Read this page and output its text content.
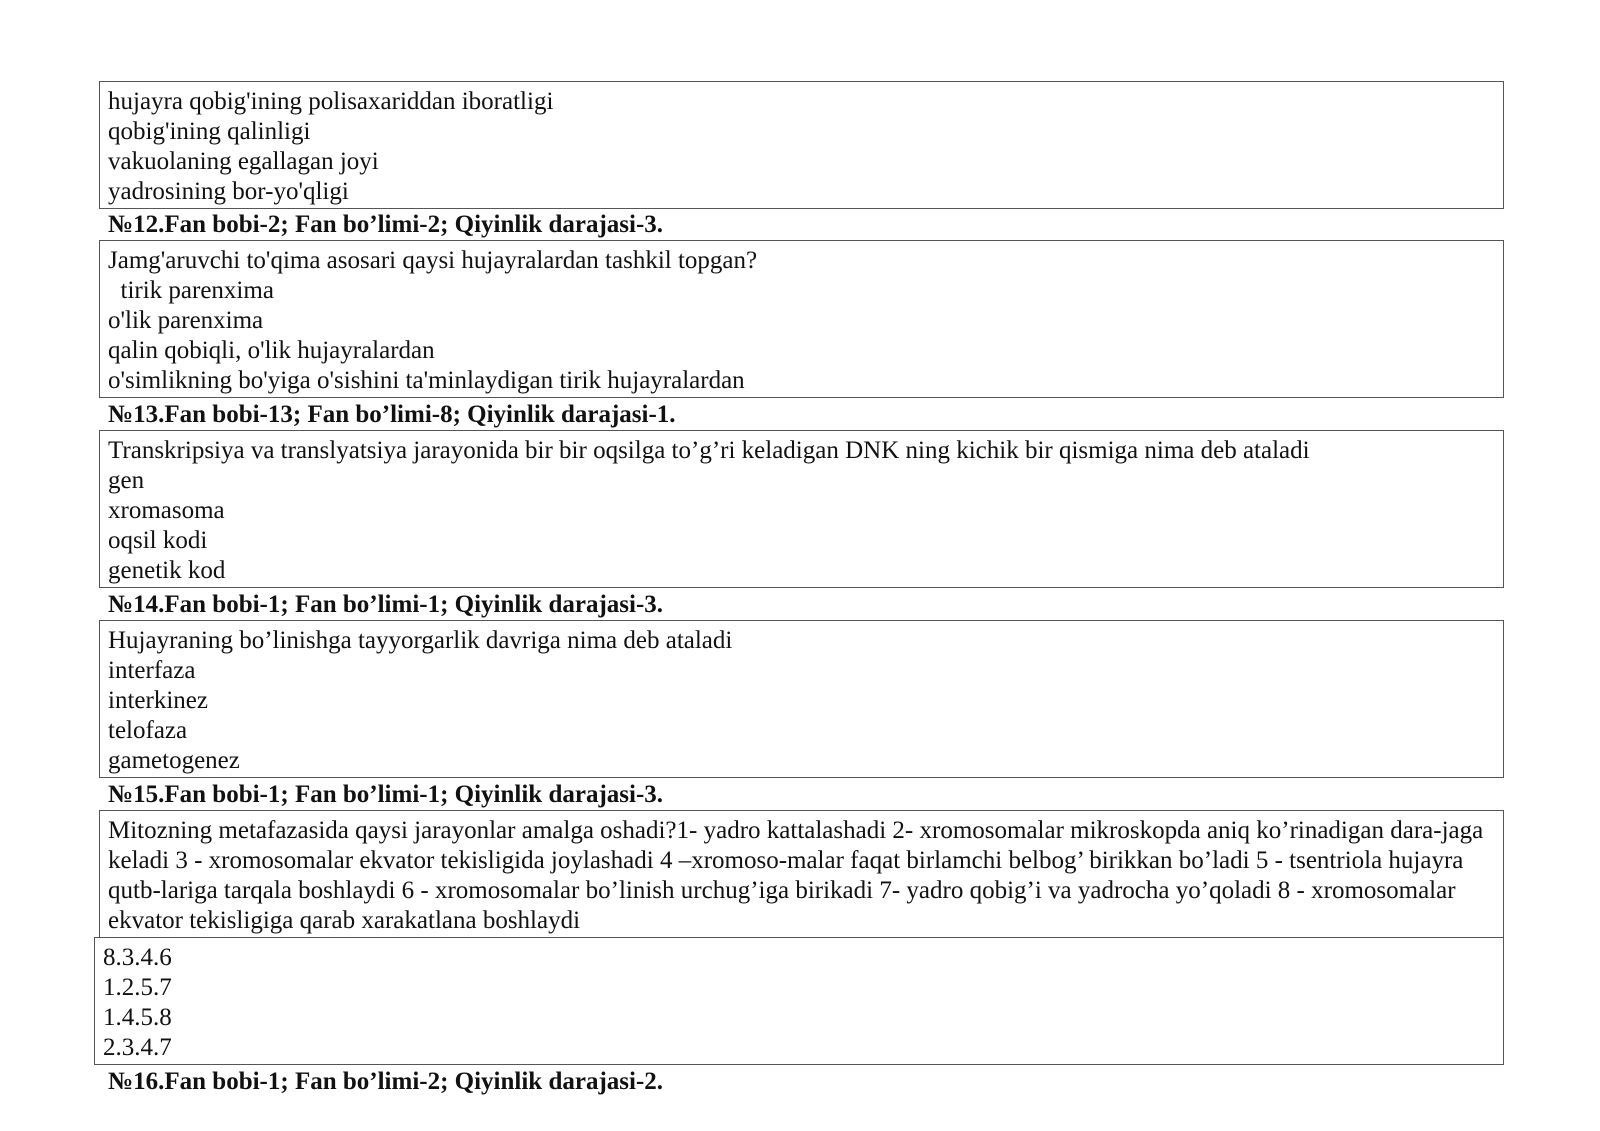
hujayra qobig'ining polisaxariddan iboratligi
qobig'ining qalinligi
vakuolaning egallagan joyi
yadrosining bor-yo'qligi
№12.Fan bobi-2; Fan bo’limi-2; Qiyinlik darajasi-3.
Jamg'aruvchi to'qima asosari qaysi hujayralardan tashkil topgan?
tirik parenxima
o'lik parenxima
qalin qobiqli, o'lik hujayralardan
o'simlikning bo'yiga o'sishini ta'minlaydigan tirik hujayralardan
№13.Fan bobi-13; Fan bo’limi-8; Qiyinlik darajasi-1.
Transkripsiya va translyatsiya jarayonida bir bir oqsilga to’g’ri keladigan DNK ning kichik bir qismiga nima deb ataladi
gen
xromasoma
oqsil kodi
genetik kod
№14.Fan bobi-1; Fan bo’limi-1; Qiyinlik darajasi-3.
Hujayraning bo’linishga tayyorgarlik davriga nima deb ataladi
interfaza
interkinez
telofaza
gametogenez
№15.Fan bobi-1; Fan bo’limi-1; Qiyinlik darajasi-3.
Mitozning metafazasida qaysi jarayonlar amalga oshadi?1- yadro kattalashadi 2- xromosomalar mikroskopda aniq ko’rinadigan dara-jaga keladi 3 - xromosomalar ekvator tekisligida joylashadi 4 –xromoso-malar faqat birlamchi belbog’ birikkan bo’ladi 5 - tsentriola hujayra qutb-lariga tarqala boshlaydi 6 - xromosomalar bo’linish urchug’iga birikadi 7- yadro qobig’i va yadrocha yo’qoladi 8 - xromosomalar ekvator tekisligiga qarab xarakatlana boshlaydi
8.3.4.6
1.2.5.7
1.4.5.8
2.3.4.7
№16.Fan bobi-1; Fan bo’limi-2; Qiyinlik darajasi-2.
